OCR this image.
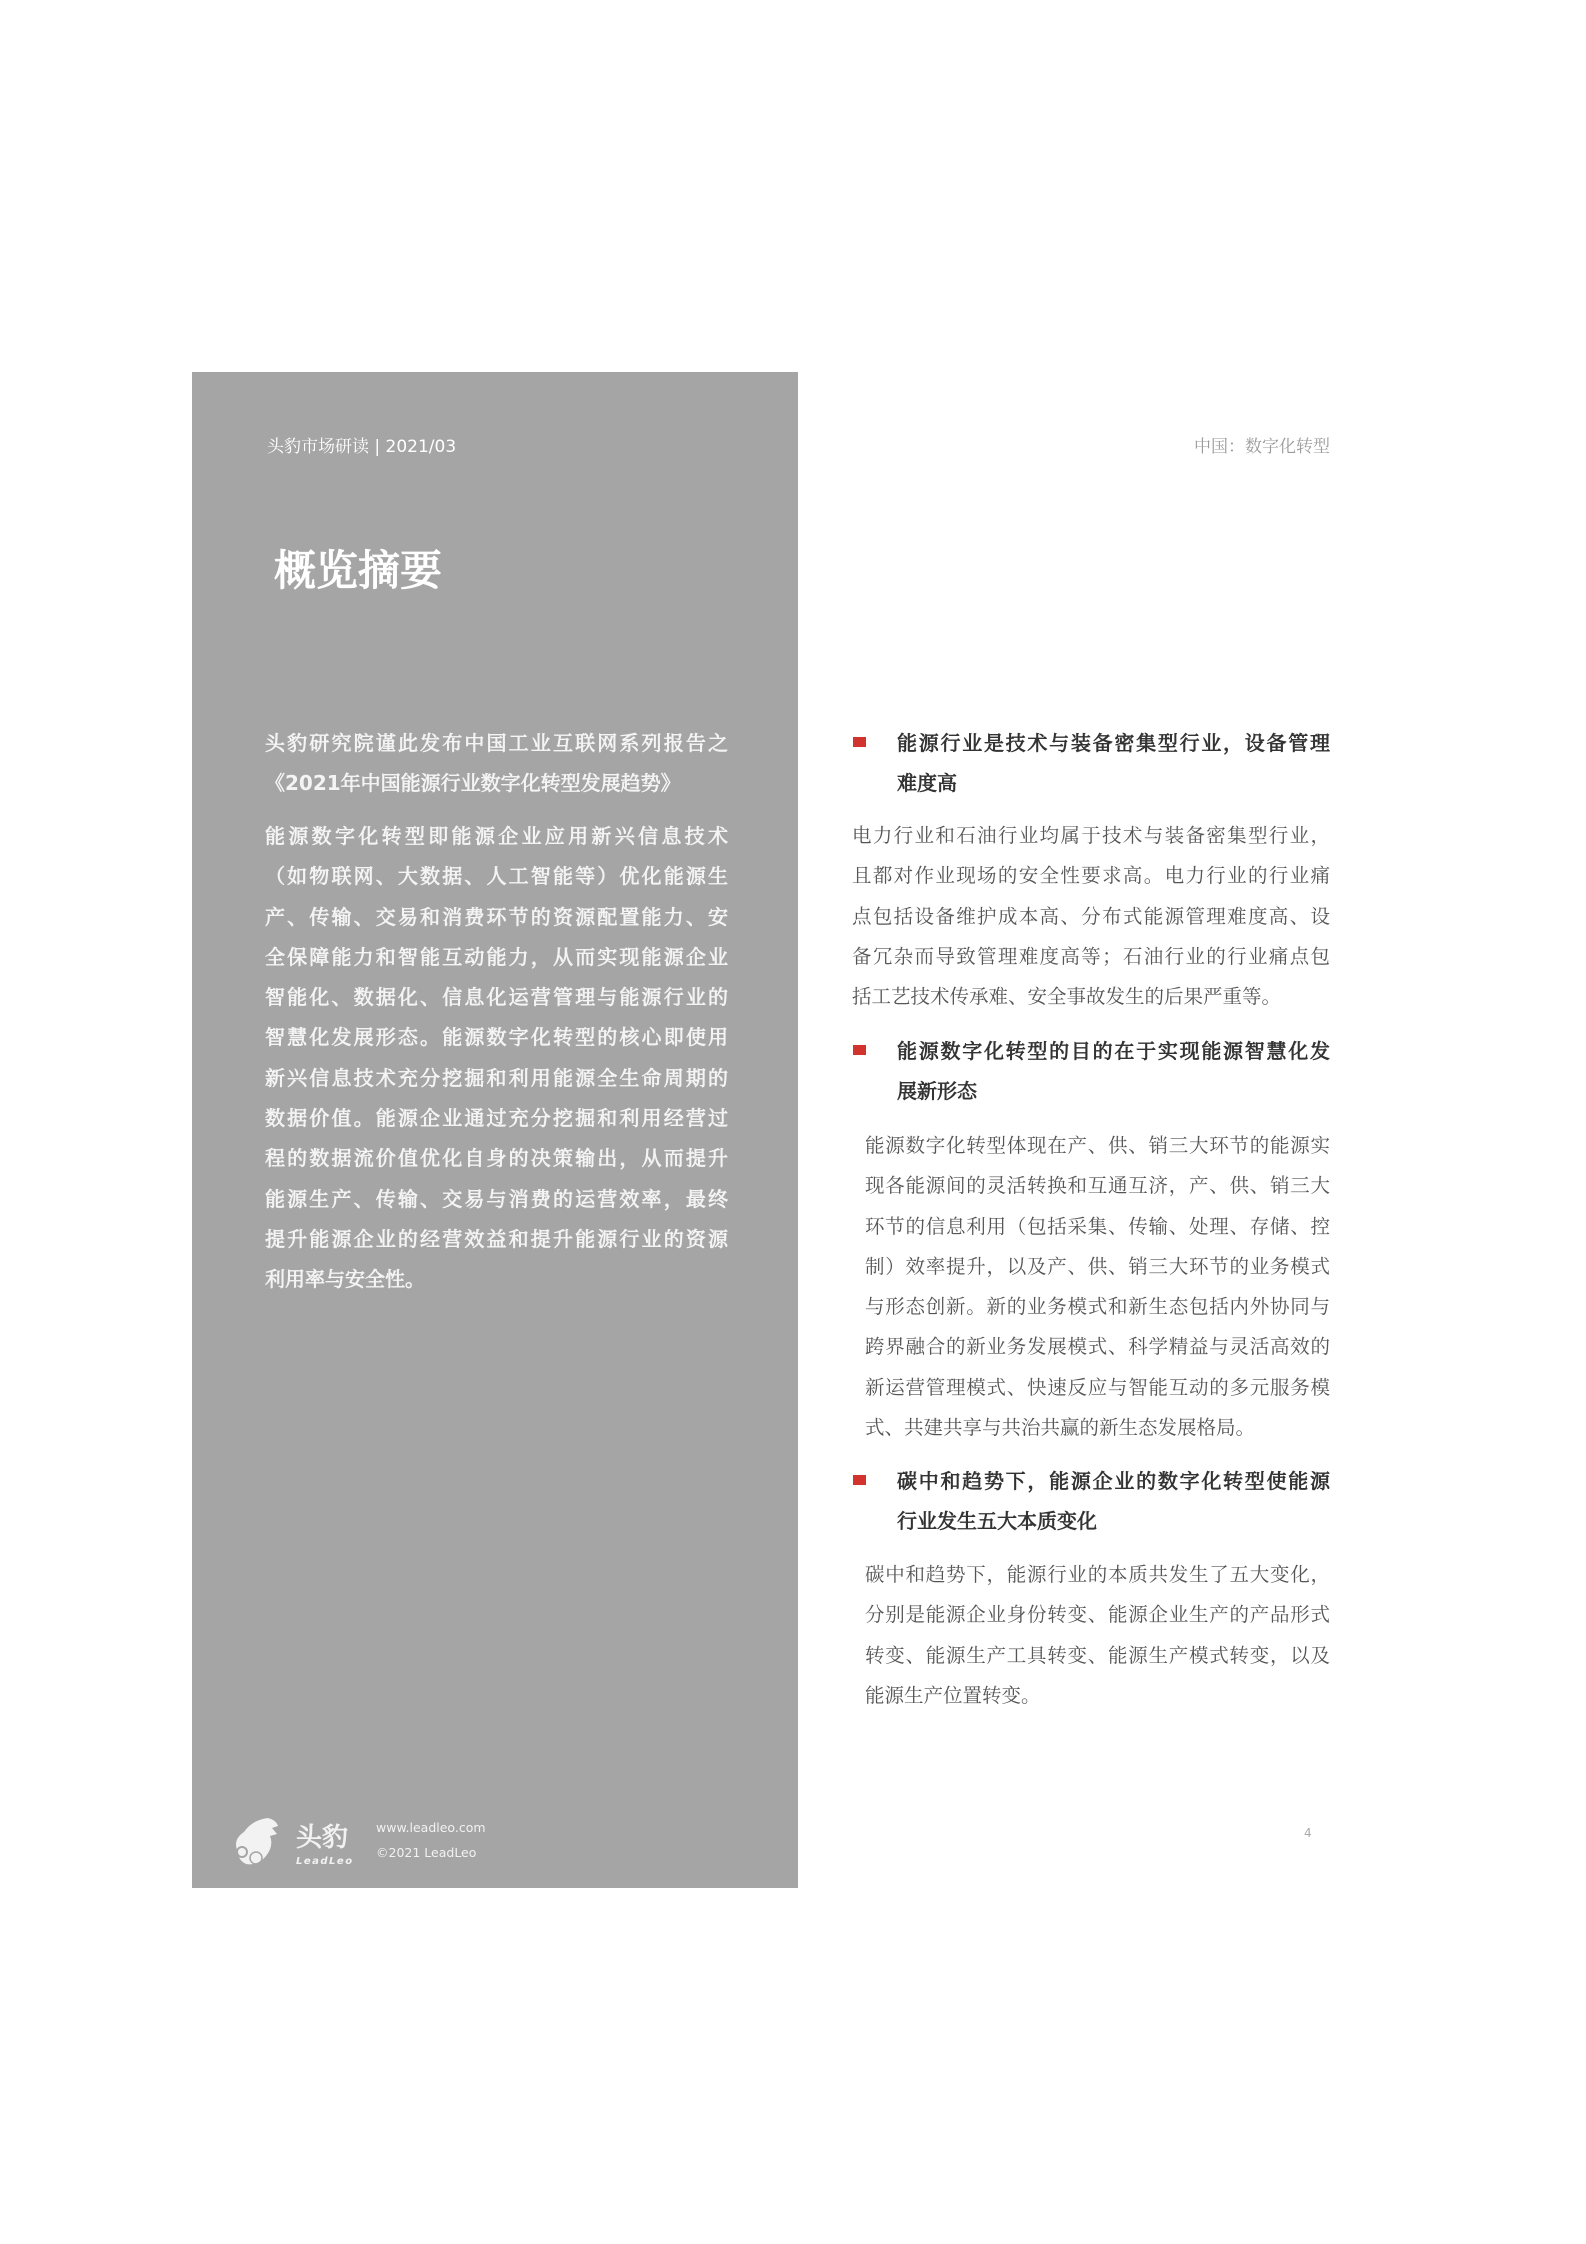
头豹市场研读 | 2021/03	中国：数字化转型
概览摘要
头豹研究院谨此发布中国工业互联网系列报告之
《2021年中国能源行业数字化转型发展趋势》
能源数字化转型即能源企业应用新兴信息技术
（如物联网、大数据、人工智能等）优化能源生
产、传输、交易和消费环节的资源配置能力、安
全保障能力和智能互动能力，从而实现能源企业
智能化、数据化、信息化运营管理与能源行业的
智慧化发展形态。能源数字化转型的核心即使用
新兴信息技术充分挖掘和利用能源全生命周期的
数据价值。能源企业通过充分挖掘和利用经营过
程的数据流价值优化自身的决策输出，从而提升
能源生产、传输、交易与消费的运营效率，最终
提升能源企业的经营效益和提升能源行业的资源
利用率与安全性。
能源行业是技术与装备密集型行业，设备管理
难度高
电力行业和石油行业均属于技术与装备密集型行业，
且都对作业现场的安全性要求高。电力行业的行业痛
点包括设备维护成本高、分布式能源管理难度高、设
备冗杂而导致管理难度高等；石油行业的行业痛点包
括工艺技术传承难、安全事故发生的后果严重等。
能源数字化转型的目的在于实现能源智慧化发
展新形态
能源数字化转型体现在产、供、销三大环节的能源实
现各能源间的灵活转换和互通互济，产、供、销三大
环节的信息利用（包括采集、传输、处理、存储、控
制）效率提升，以及产、供、销三大环节的业务模式
与形态创新。新的业务模式和新生态包括内外协同与
跨界融合的新业务发展模式、科学精益与灵活高效的
新运营管理模式、快速反应与智能互动的多元服务模
式、共建共享与共治共赢的新生态发展格局。
碳中和趋势下，能源企业的数字化转型使能源
行业发生五大本质变化
碳中和趋势下，能源行业的本质共发生了五大变化，
分别是能源企业身份转变、能源企业生产的产品形式
转变、能源生产工具转变、能源生产模式转变，以及
能源生产位置转变。
头豹
LeadLeo
www.leadleo.com
©2021 LeadLeo
4
